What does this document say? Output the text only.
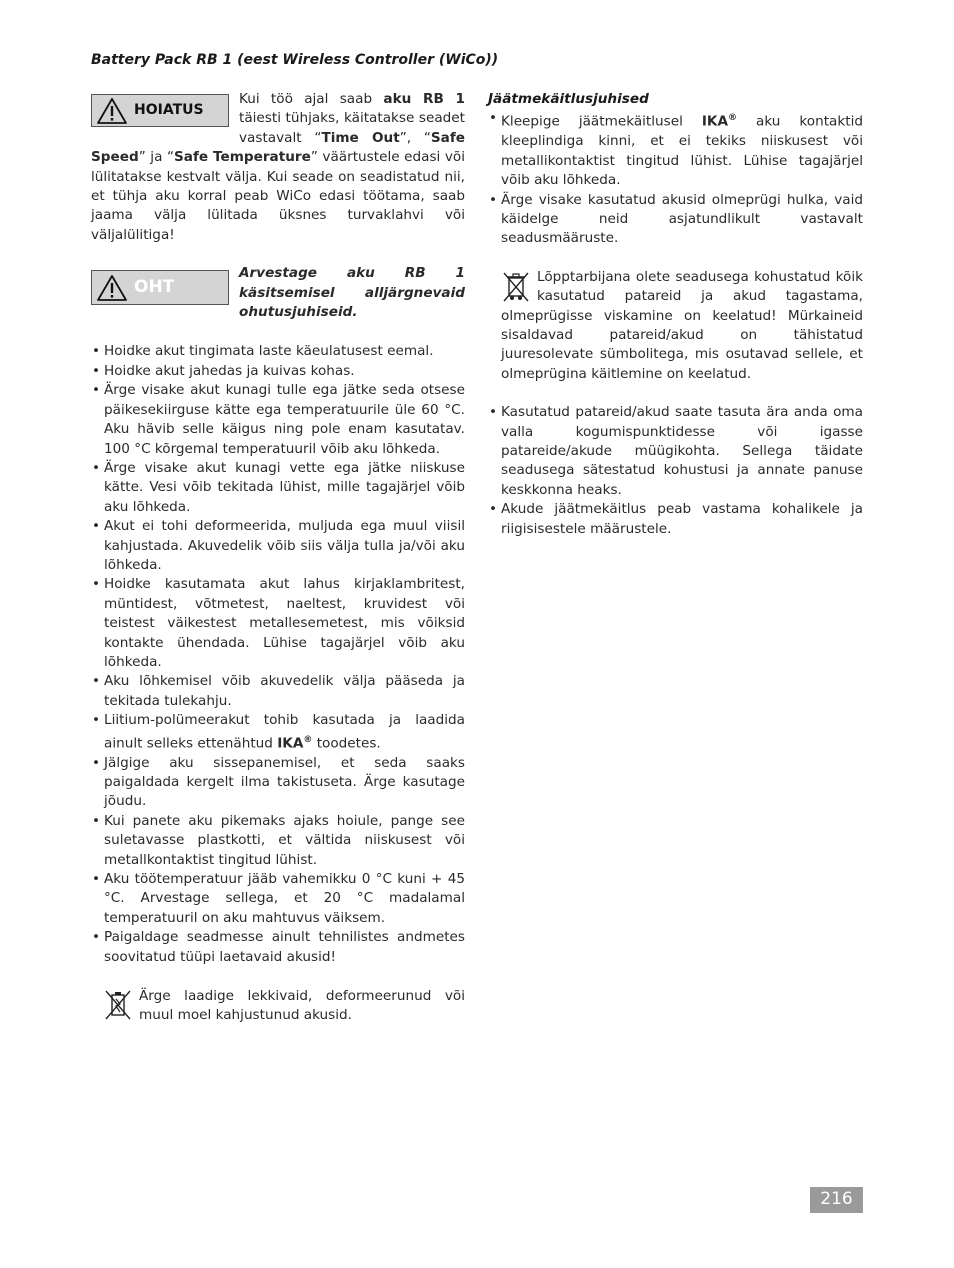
Battery Pack RB 1 (eest Wireless Controller (WiCo))
HOIATUS
Kui töö ajal saab aku RB 1 täiesti tühjaks, käitatakse seadet vastavalt “Time Out”, “Safe Speed” ja “Safe Temperature” väärtustele edasi või lülitatakse kestvalt välja. Kui seade on seadistatud nii, et tühja aku korral peab WiCo edasi töötama, saab jaama välja lülitada üksnes turvaklahvi või väljalülitiga!
OHT
Arvestage aku RB 1 käsitsemisel alljärgnevaid ohutusjuhiseid.
• Hoidke akut tingimata laste käeulatusest eemal.
• Hoidke akut jahedas ja kuivas kohas.
• Ärge visake akut kunagi tulle ega jätke seda otsese päikesekiirguse kätte ega temperatuurile üle 60 °C. Aku hävib selle käigus ning pole enam kasutatav. 100 °C kõrgemal temperatuuril võib aku lõhkeda.
• Ärge visake akut kunagi vette ega jätke niiskuse kätte. Vesi võib tekitada lühist, mille tagajärjel võib aku lõhkeda.
• Akut ei tohi deformeerida, muljuda ega muul viisil kahjustada. Akuvedelik võib siis välja tulla ja/või aku lõhkeda.
• Hoidke kasutamata akut lahus kirjaklambritest, müntidest, võtmetest, naeltest, kruvidest või teistest väikestest metallesemetest, mis võiksid kontakte ühendada. Lühise tagajärjel võib aku lõhkeda.
• Aku lõhkemisel võib akuvedelik välja pääseda ja tekitada tulekahju.
• Liitium-polümeerakut tohib kasutada ja laadida ainult selleks ettenähtud IKA® toodetes.
• Jälgige aku sissepanemisel, et seda saaks paigaldada kergelt ilma takistuseta. Ärge kasutage jõudu.
• Kui panete aku pikemaks ajaks hoiule, pange see suletavasse plastkotti, et vältida niiskusest või metallkontaktist tingitud lühist.
• Aku töötemperatuur jääb vahemikku 0 °C kuni + 45 °C. Arvestage sellega, et 20 °C madalamal temperatuuril on aku mahtuvus väiksem.
• Paigaldage seadmesse ainult tehnilistes andmetes soovitatud tüüpi laetavaid akusid!
Ärge laadige lekkivaid, deformeerunud või muul moel kahjustunud akusid.
Jäätmekäitlusjuhised
• Kleepige jäätmekäitlusel IKA® aku kontaktid kleeplindiga kinni, et ei tekiks niiskusest või metallikontaktist tingitud lühist. Lühise tagajärjel võib aku lõhkeda.
• Ärge visake kasutatud akusid olmeprügi hulka, vaid käidelge neid asjatundlikult vastavalt seadusmääruste.
Lõpptarbijana olete seadusega kohustatud kõik kasutatud patareid ja akud tagastama, olmeprügisse viskamine on keelatud! Mürkaineid sisaldavad patareid/akud on tähistatud juuresolevate sümbolitega, mis osutavad sellele, et olmeprügina käitlemine on keelatud.
• Kasutatud patareid/akud saate tasuta ära anda oma valla kogumispunktidesse või igasse patareide/akude müügikohta. Sellega täidate seadusega sätestatud kohustusi ja annate panuse keskkonna heaks.
• Akude jäätmekäitlus peab vastama kohalikele ja riigisisestele määrustele.
216
